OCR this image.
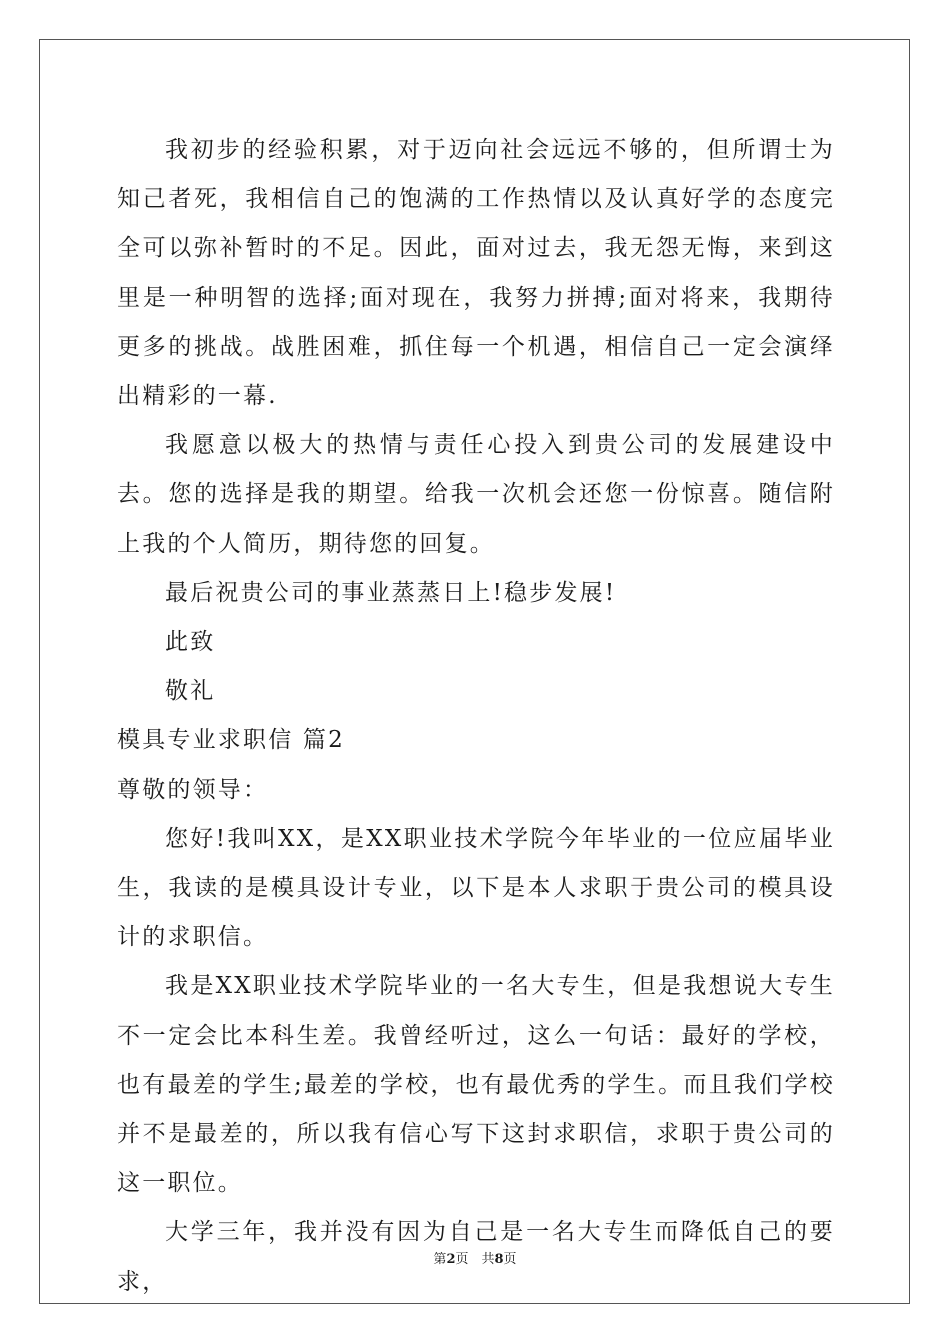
我初步的经验积累，对于迈向社会远远不够的，但所谓士为知己者死，我相信自己的饱满的工作热情以及认真好学的态度完全可以弥补暂时的不足。因此，面对过去，我无怨无悔，来到这里是一种明智的选择;面对现在，我努力拼搏;面对将来，我期待更多的挑战。战胜困难，抓住每一个机遇，相信自己一定会演绎出精彩的一幕.

我愿意以极大的热情与责任心投入到贵公司的发展建设中去。您的选择是我的期望。给我一次机会还您一份惊喜。随信附上我的个人简历，期待您的回复。

最后祝贵公司的事业蒸蒸日上!稳步发展!

此致

敬礼

模具专业求职信 篇2

尊敬的领导：

您好!我叫XX，是XX职业技术学院今年毕业的一位应届毕业生，我读的是模具设计专业，以下是本人求职于贵公司的模具设计的求职信。

我是XX职业技术学院毕业的一名大专生，但是我想说大专生不一定会比本科生差。我曾经听过，这么一句话：最好的学校，也有最差的学生;最差的学校，也有最优秀的学生。而且我们学校并不是最差的，所以我有信心写下这封求职信，求职于贵公司的这一职位。

大学三年，我并没有因为自己是一名大专生而降低自己的要求，

第2页　共8页
